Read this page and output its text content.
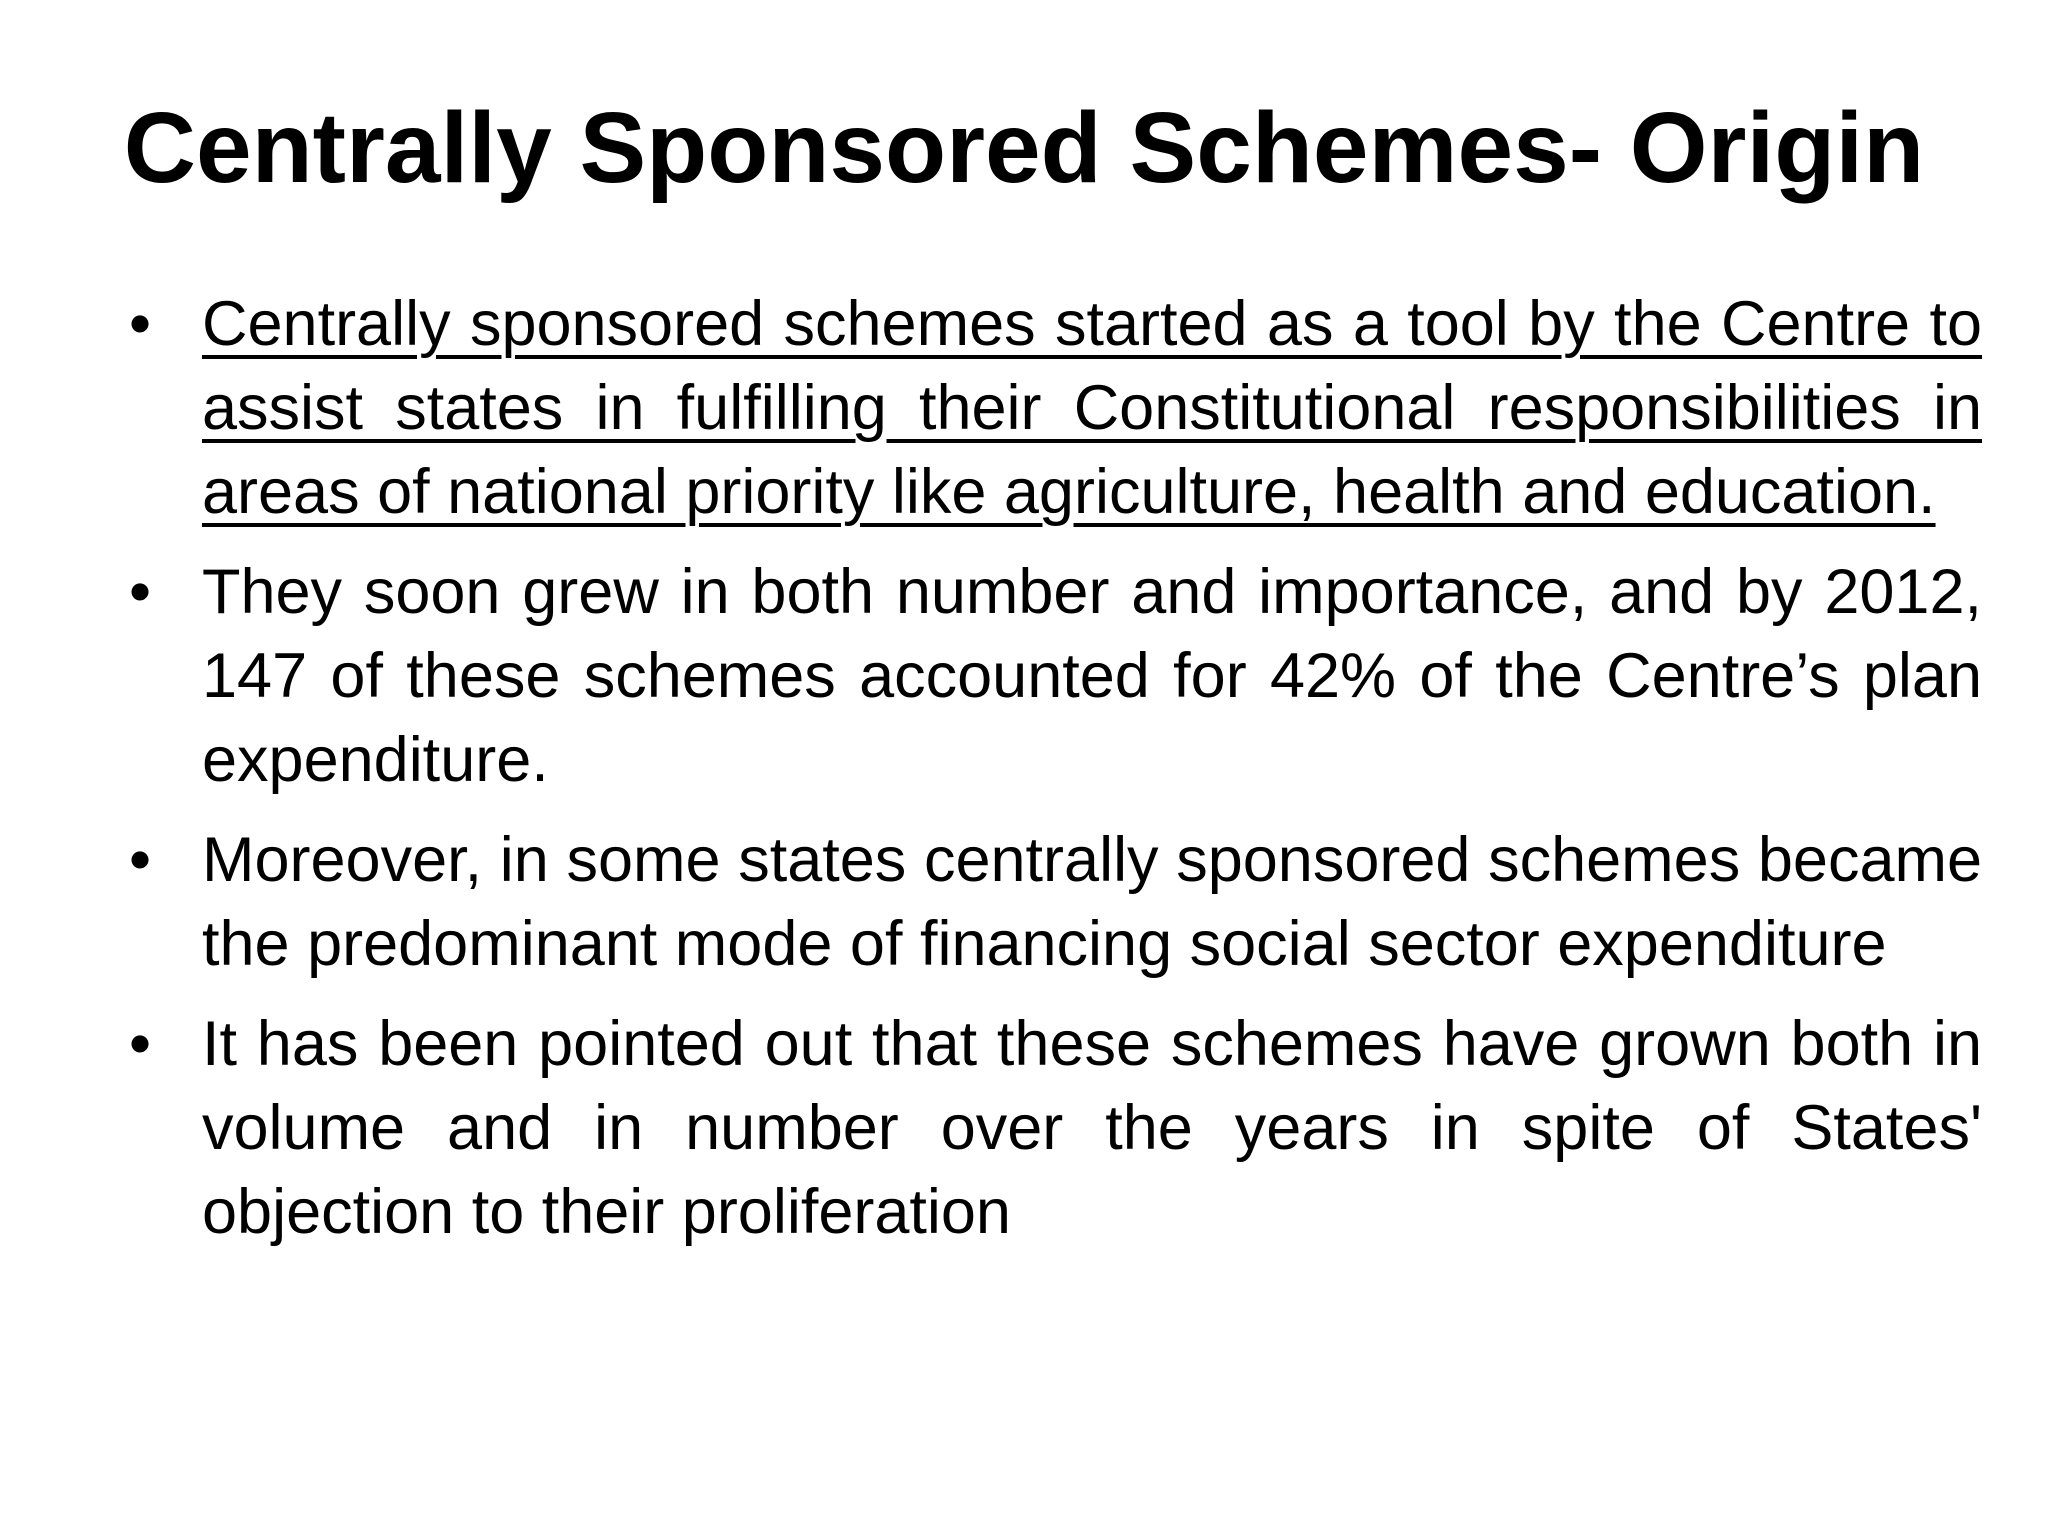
Centrally Sponsored Schemes- Origin
• Centrally sponsored schemes started as a tool by the Centre to assist states in fulfilling their Constitutional responsibilities in areas of national priority like agriculture, health and education.
• They soon grew in both number and importance, and by 2012, 147 of these schemes accounted for 42% of the Centre’s plan expenditure.
• Moreover, in some states centrally sponsored schemes became the predominant mode of financing social sector expenditure
• It has been pointed out that these schemes have grown both in volume and in number over the years in spite of States' objection to their proliferation
